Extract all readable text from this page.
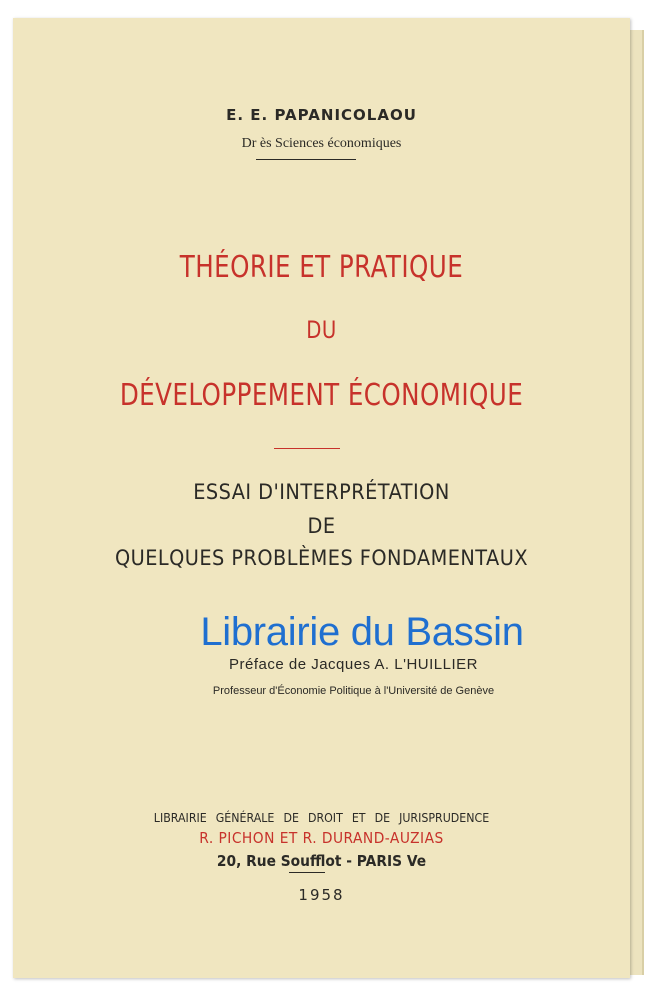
E. E. PAPANICOLAOU
Dr ès Sciences économiques
THÉORIE ET PRATIQUE
DU
DÉVELOPPEMENT ÉCONOMIQUE
ESSAI D'INTERPRÉTATION
DE
QUELQUES PROBLÈMES FONDAMENTAUX
Préface de Jacques A. L'HUILLIER
Professeur d'Économie Politique à l'Université de Genève
LIBRAIRIE GÉNÉRALE DE DROIT ET DE JURISPRUDENCE
R. PICHON ET R. DURAND-AUZIAS
20, Rue Soufflot - PARIS Ve
1958
Librairie du Bassin
